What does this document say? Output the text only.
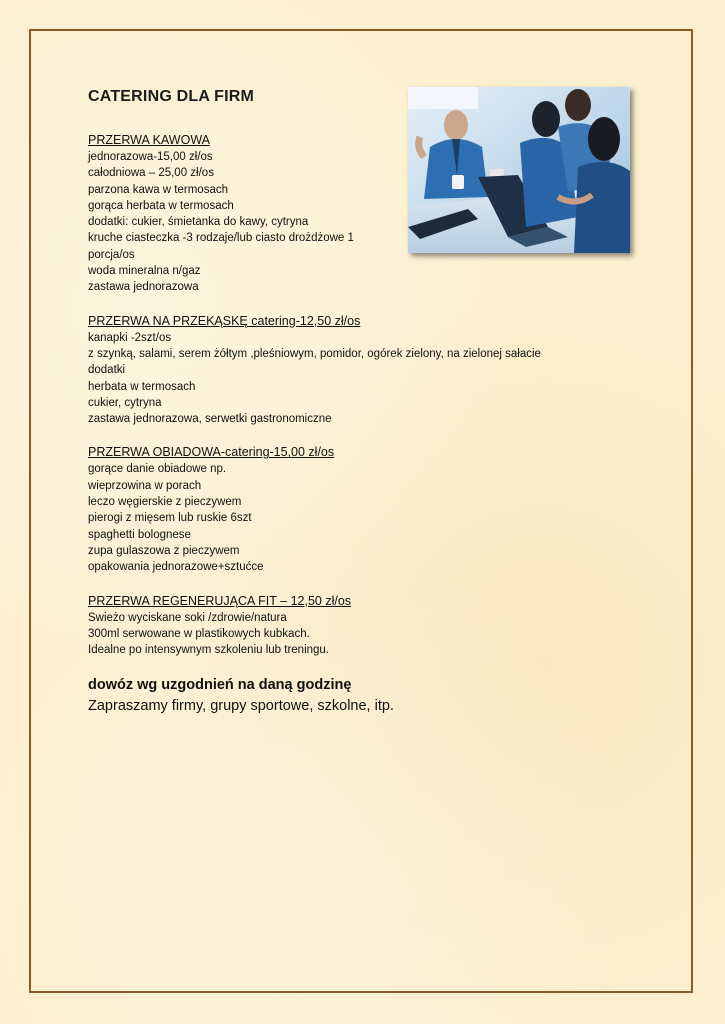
CATERING DLA FIRM
PRZERWA KAWOWA
jednorazowa-15,00 zł/os
całodniowa – 25,00 zł/os
parzona kawa w termosach
gorąca herbata w termosach
dodatki: cukier, śmietanka do kawy, cytryna
kruche ciasteczka -3 rodzaje/lub ciasto drożdżowe 1 porcja/os
woda mineralna n/gaz
zastawa jednorazowa
PRZERWA NA PRZEKĄSKĘ catering-12,50 zł/os
kanapki -2szt/os
z szynką, salami, serem żółtym ,pleśniowym, pomidor, ogórek zielony, na zielonej sałacie
dodatki
herbata w termosach
cukier, cytryna
zastawa jednorazowa, serwetki gastronomiczne
PRZERWA OBIADOWA-catering-15,00 zł/os
gorące danie obiadowe np.
wieprzowina w porach
leczo węgierskie z pieczywem
pierogi z mięsem lub ruskie 6szt
spaghetti bolognese
zupa gulaszowa z pieczywem
opakowania jednorazowe+sztućce
PRZERWA REGENERUJĄCA FIT – 12,50 zł/os
Swieżo wyciskane soki /zdrowie/natura
300ml serwowane w plastikowych kubkach.
Idealne po intensywnym szkoleniu lub treningu.
dowóz wg uzgodnień na daną godzinę
Zapraszamy firmy, grupy sportowe, szkolne, itp.
